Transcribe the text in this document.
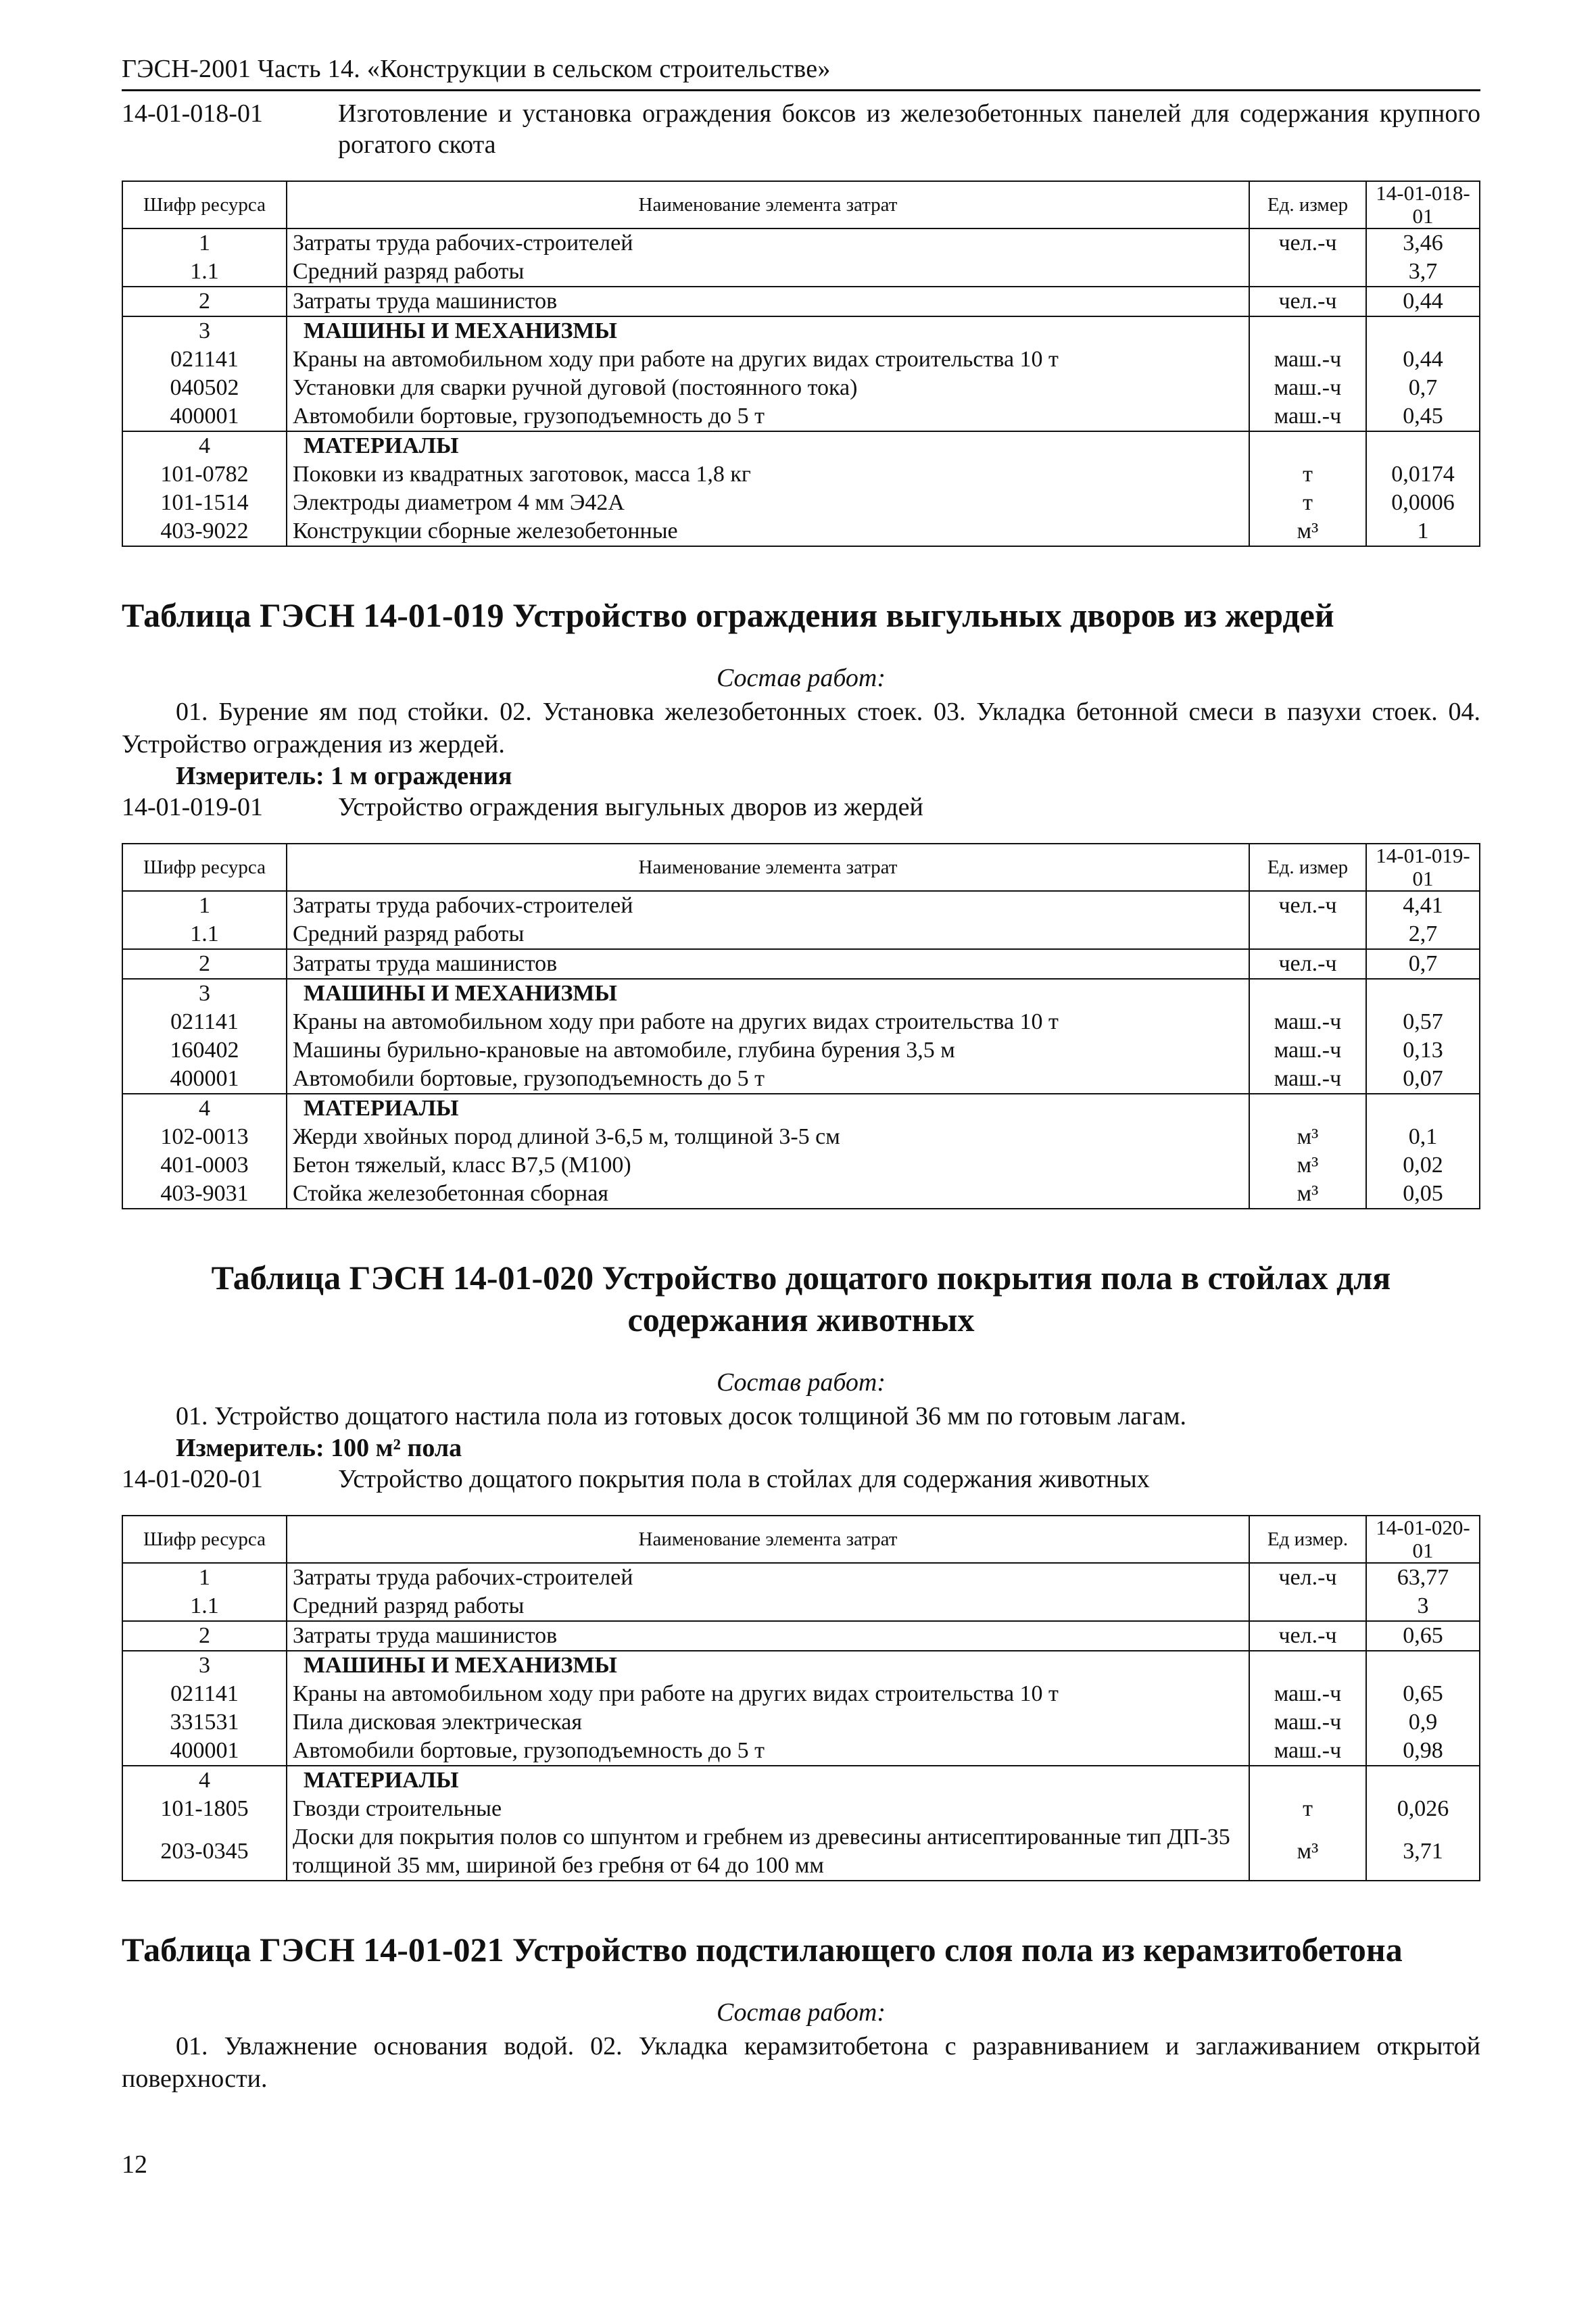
ГЭСН-2001 Часть 14. «Конструкции в сельском строительстве»
14-01-018-01	Изготовление и установка ограждения боксов из железобетонных панелей для содержания крупного рогатого скота
Шифр ресурса	Наименование элемента затрат	Ед. измер	14-01-018-01
1	Затраты труда рабочих-строителей	чел.-ч	3,46
1.1	Средний разряд работы		3,7
2	Затраты труда машинистов	чел.-ч	0,44
3	МАШИНЫ И МЕХАНИЗМЫ		
021141	Краны на автомобильном ходу при работе на других видах строительства 10 т	маш.-ч	0,44
040502	Установки для сварки ручной дуговой (постоянного тока)	маш.-ч	0,7
400001	Автомобили бортовые, грузоподъемность до 5 т	маш.-ч	0,45
4	МАТЕРИАЛЫ		
101-0782	Поковки из квадратных заготовок, масса 1,8 кг	т	0,0174
101-1514	Электроды диаметром 4 мм Э42А	т	0,0006
403-9022	Конструкции сборные железобетонные	м³	1
Таблица ГЭСН 14-01-019 Устройство ограждения выгульных дворов из жердей
Состав работ:

01. Бурение ям под стойки. 02. Установка железобетонных стоек. 03. Укладка бетонной смеси в пазухи стоек. 04. Устройство ограждения из жердей.

Измеритель: 1 м ограждения
14-01-019-01	Устройство ограждения выгульных дворов из жердей
Шифр ресурса	Наименование элемента затрат	Ед. измер	14-01-019-01
1	Затраты труда рабочих-строителей	чел.-ч	4,41
1.1	Средний разряд работы		2,7
2	Затраты труда машинистов	чел.-ч	0,7
3	МАШИНЫ И МЕХАНИЗМЫ		
021141	Краны на автомобильном ходу при работе на других видах строительства 10 т	маш.-ч	0,57
160402	Машины бурильно-крановые на автомобиле, глубина бурения 3,5 м	маш.-ч	0,13
400001	Автомобили бортовые, грузоподъемность до 5 т	маш.-ч	0,07
4	МАТЕРИАЛЫ		
102-0013	Жерди хвойных пород длиной 3-6,5 м, толщиной 3-5 см	м³	0,1
401-0003	Бетон тяжелый, класс В7,5 (М100)	м³	0,02
403-9031	Стойка железобетонная сборная	м³	0,05
Таблица ГЭСН 14-01-020 Устройство дощатого покрытия пола в стойлах для содержания животных
Состав работ:

01. Устройство дощатого настила пола из готовых досок толщиной 36 мм по готовым лагам.

Измеритель: 100 м² пола
14-01-020-01	Устройство дощатого покрытия пола в стойлах для содержания животных
Шифр ресурса	Наименование элемента затрат	Ед измер.	14-01-020-01
1	Затраты труда рабочих-строителей	чел.-ч	63,77
1.1	Средний разряд работы		3
2	Затраты труда машинистов	чел.-ч	0,65
3	МАШИНЫ И МЕХАНИЗМЫ		
021141	Краны на автомобильном ходу при работе на других видах строительства 10 т	маш.-ч	0,65
331531	Пила дисковая электрическая	маш.-ч	0,9
400001	Автомобили бортовые, грузоподъемность до 5 т	маш.-ч	0,98
4	МАТЕРИАЛЫ		
101-1805	Гвозди строительные	т	0,026
203-0345	Доски для покрытия полов со шпунтом и гребнем из древесины антисептированные тип ДП-35 толщиной 35 мм, шириной без гребня от 64 до 100 мм	м³	3,71
Таблица ГЭСН 14-01-021 Устройство подстилающего слоя пола из керамзитобетона
Состав работ:

01. Увлажнение основания водой. 02. Укладка керамзитобетона с разравниванием и заглаживанием открытой поверхности.

12
